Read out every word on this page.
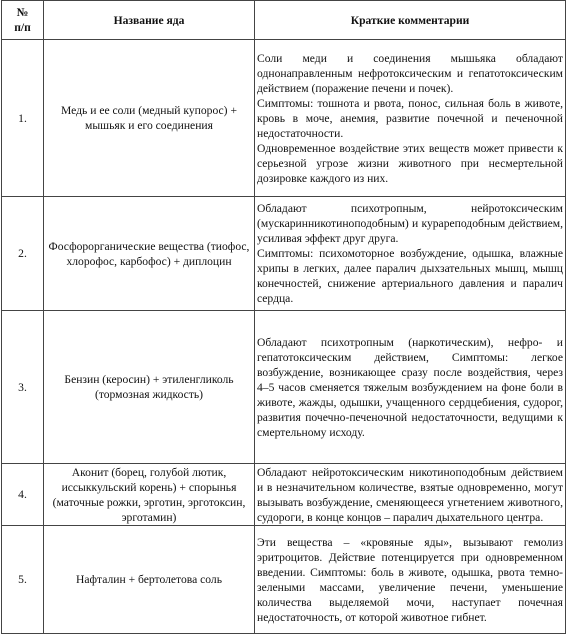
№
п/п	Название яда	Краткие комментарии
1.	Медь и ее соли (медный купорос) + мышьяк и его соединения	Соли меди и соединения мышьяка обладают однонаправленным нефротоксическим и гепатотоксическим действием (поражение печени и почек).

Симптомы: тошнота и рвота, понос, сильная боль в животе, кровь в моче, анемия, развитие почечной и печеночной недостаточности.

Одновременное воздействие этих веществ может привести к серьезной угрозе жизни животного при несмертельной дозировке каждого из них.

2.	Фосфорорганические вещества (тиофос, хлорофос, карбофос) + диплоцин	Обладают психотропным, нейротоксическим (мускаринникотиноподобным) и курареподобным действием, усиливая эффект друг друга.

Симптомы: психомоторное возбуждение, одышка, влажные хрипы в легких, далее паралич дыхзательных мышц, мышц конечностей, снижение артериального давления и паралич сердца.

3.	Бензин (керосин) + этиленгликоль (тормозная жидкость)	Обладают психотропным (наркотическим), нефро- и гепатотоксическим действием, Симптомы: легкое возбуждение, возникающее сразу после воздействия, через 4–5 часов сменяется тяжелым возбуждением на фоне боли в животе, жажды, одышки, учащенного сердцебиения, судорог, развития почечно-печеночной недостаточности, ведущими к смертельному исходу.

4.	Аконит (борец, голубой лютик, иссыккульский корень) + спорынья (маточные рожки, эрготин, эрготоксин, эрготамин)	Обладают нейротоксическим никотиноподобным действием и в незначительном количестве, взятые одновременно, могут вызывать возбуждение, сменяющееся угнетением животного, судороги, в конце концов – паралич дыхательного центра.

5.	Нафталин + бертолетова соль	Эти вещества – «кровяные яды», вызывают гемолиз эритроцитов. Действие потенцируется при одновременном введении. Симптомы: боль в животе, одышка, рвота темно-зелеными массами, увеличение печени, уменьшение количества выделяемой мочи, наступает почечная недостаточность, от которой животное гибнет.
